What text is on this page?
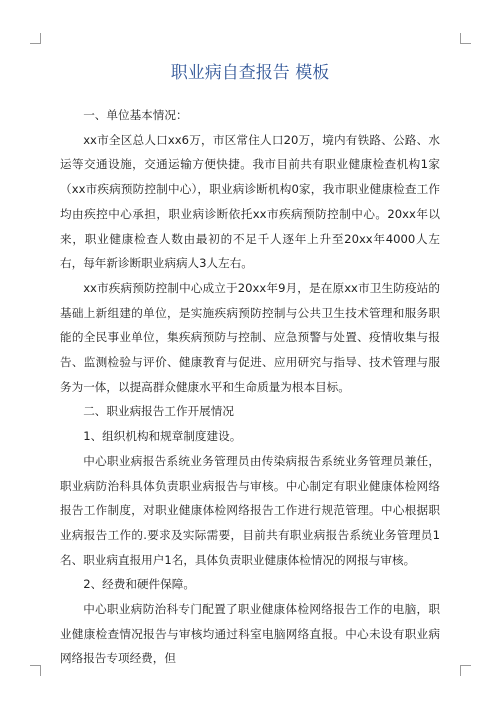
职业病自查报告 模板

一、单位基本情况：

xx市全区总人口xx6万，市区常住人口20万，境内有铁路、公路、水运等交通设施，交通运输方便快捷。我市目前共有职业健康检查机构1家（xx市疾病预防控制中心），职业病诊断机构0家，我市职业健康检查工作均由疾控中心承担，职业病诊断依托xx市疾病预防控制中心。20xx年以来，职业健康检查人数由最初的不足千人逐年上升至20xx年4000人左右，每年新诊断职业病病人3人左右。

xx市疾病预防控制中心成立于20xx年9月，是在原xx市卫生防疫站的基础上新组建的单位，是实施疾病预防控制与公共卫生技术管理和服务职能的全民事业单位，集疾病预防与控制、应急预警与处置、疫情收集与报告、监测检验与评价、健康教育与促进、应用研究与指导、技术管理与服务为一体，以提高群众健康水平和生命质量为根本目标。

二、职业病报告工作开展情况

1、组织机构和规章制度建设。

中心职业病报告系统业务管理员由传染病报告系统业务管理员兼任，职业病防治科具体负责职业病报告与审核。中心制定有职业健康体检网络报告工作制度，对职业健康体检网络报告工作进行规范管理。中心根据职业病报告工作的.要求及实际需要，目前共有职业病报告系统业务管理员1名、职业病直报用户1名，具体负责职业健康体检情况的网报与审核。

2、经费和硬件保障。

中心职业病防治科专门配置了职业健康体检网络报告工作的电脑，职业健康检查情况报告与审核均通过科室电脑网络直报。中心未设有职业病网络报告专项经费，但
